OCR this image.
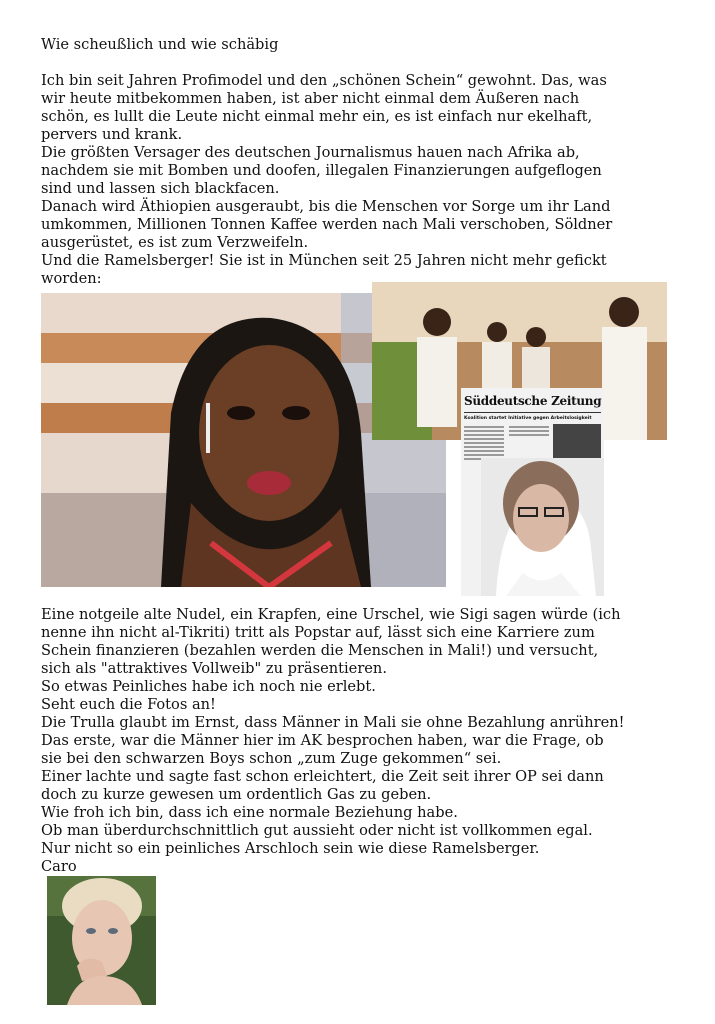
Wie scheußlich und wie schäbig
Ich bin seit Jahren Profimodel und den „schönen Schein“ gewohnt. Das, was
wir heute mitbekommen haben, ist aber nicht einmal dem Äußeren nach
schön, es lullt die Leute nicht einmal mehr ein, es ist einfach nur ekelhaft,
pervers und krank.
Die größten Versager des deutschen Journalismus hauen nach Afrika ab,
nachdem sie mit Bomben und doofen, illegalen Finanzierungen aufgeflogen
sind und lassen sich blackfacen.
Danach wird Äthiopien ausgeraubt, bis die Menschen vor Sorge um ihr Land
umkommen, Millionen Tonnen Kaffee werden nach Mali verschoben, Söldner
ausgerüstet, es ist zum Verzweifeln.
Und die Ramelsberger! Sie ist in München seit 25 Jahren nicht mehr gefickt
worden:
Süddeutsche Zeitung
Koalition startet Initiative gegen Arbeitslosigkeit
Eine notgeile alte Nudel, ein Krapfen, eine Urschel, wie Sigi sagen würde (ich
nenne ihn nicht al-Tikriti) tritt als Popstar auf, lässt sich eine Karriere zum
Schein finanzieren (bezahlen werden die Menschen in Mali!) und versucht,
sich als "attraktives Vollweib" zu präsentieren.
So etwas Peinliches habe ich noch nie erlebt.
Seht euch die Fotos an!
Die Trulla glaubt im Ernst, dass Männer in Mali sie ohne Bezahlung anrühren!
Das erste, war die Männer hier im AK besprochen haben, war die Frage, ob
sie bei den schwarzen Boys schon „zum Zuge gekommen“ sei.
Einer lachte und sagte fast schon erleichtert, die Zeit seit ihrer OP sei dann
doch zu kurze gewesen um ordentlich Gas zu geben.
Wie froh ich bin, dass ich eine normale Beziehung habe.
Ob man überdurchschnittlich gut aussieht oder nicht ist vollkommen egal.
Nur nicht so ein peinliches Arschloch sein wie diese Ramelsberger.
Caro
